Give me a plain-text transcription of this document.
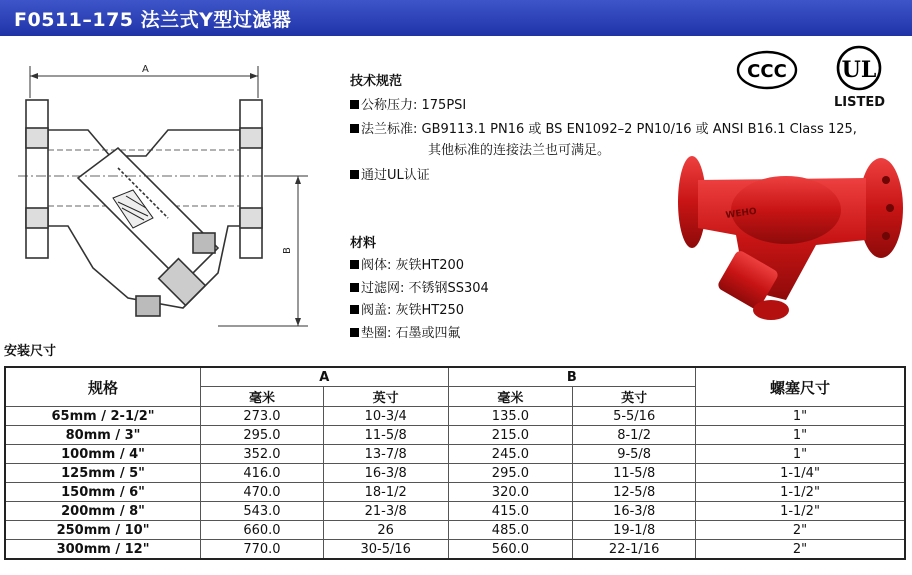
F0511–175 法兰式Y型过滤器
A
B
技术规范
公称压力: 175PSI
法兰标准: GB9113.1 PN16 或 BS EN1092–2 PN10/16 或 ANSI B16.1 Class 125,
其他标准的连接法兰也可满足。
通过UL认证
材料
阀体: 灰铁HT200
过滤网: 不锈钢SS304
阀盖: 灰铁HT250
垫圈: 石墨或四氟
CCC UL
LISTED
WEHO
安装尺寸
规格	A		B		螺塞尺寸
	毫米	英寸	毫米	英寸	
65mm / 2-1/2"	273.0	10-3/4	135.0	5-5/16	1"
80mm / 3"	295.0	11-5/8	215.0	8-1/2	1"
100mm / 4"	352.0	13-7/8	245.0	9-5/8	1"
125mm / 5"	416.0	16-3/8	295.0	11-5/8	1-1/4"
150mm / 6"	470.0	18-1/2	320.0	12-5/8	1-1/2"
200mm / 8"	543.0	21-3/8	415.0	16-3/8	1-1/2"
250mm / 10"	660.0	26	485.0	19-1/8	2"
300mm / 12"	770.0	30-5/16	560.0	22-1/16	2"
